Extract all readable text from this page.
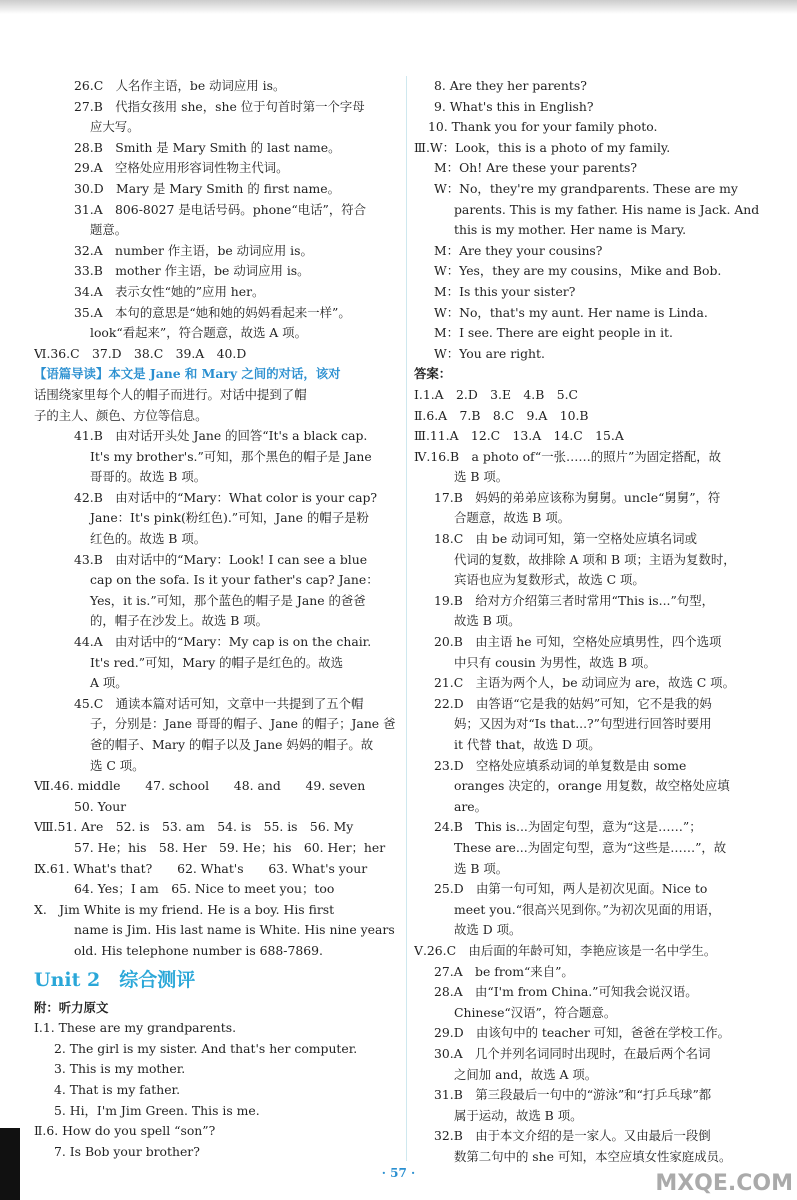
26.C　人名作主语，be 动词应用 is。
27.B　代指女孩用 she，she 位于句首时第一个字母
应大写。
28.B　Smith 是 Mary Smith 的 last name。
29.A　空格处应用形容词性物主代词。
30.D　Mary 是 Mary Smith 的 first name。
31.A　806-8027 是电话号码。phone“电话”，符合
题意。
32.A　number 作主语，be 动词应用 is。
33.B　mother 作主语，be 动词应用 is。
34.A　表示女性“她的”应用 her。
35.A　本句的意思是“她和她的妈妈看起来一样”。
look“看起来”，符合题意，故选 A 项。
Ⅵ.36.C　37.D　38.C　39.A　40.D
【语篇导读】本文是 Jane 和 Mary 之间的对话，该对
话围绕家里每个人的帽子而进行。对话中提到了帽
子的主人、颜色、方位等信息。
41.B　由对话开头处 Jane 的回答“It's a black cap.
It's my brother's.”可知，那个黑色的帽子是 Jane
哥哥的。故选 B 项。
42.B　由对话中的“Mary：What color is your cap?
Jane：It's pink(粉红色).”可知，Jane 的帽子是粉
红色的。故选 B 项。
43.B　由对话中的“Mary：Look! I can see a blue
cap on the sofa. Is it your father's cap? Jane：
Yes，it is.”可知，那个蓝色的帽子是 Jane 的爸爸
的，帽子在沙发上。故选 B 项。
44.A　由对话中的“Mary：My cap is on the chair.
It's red.”可知，Mary 的帽子是红色的。故选
A 项。
45.C　通读本篇对话可知，文章中一共提到了五个帽
子，分别是：Jane 哥哥的帽子、Jane 的帽子；Jane 爸
爸的帽子、Mary 的帽子以及 Jane 妈妈的帽子。故
选 C 项。
Ⅶ.46. middle　　47. school　　48. and　　49. seven
50. Your
Ⅷ.51. Are　52. is　53. am　54. is　55. is　56. My
57. He；his　58. Her　59. He；his　60. Her；her
Ⅸ.61. What's that?　　62. What's　　63. What's your
64. Yes；I am　65. Nice to meet you；too
Ⅹ.　Jim White is my friend. He is a boy. His first
name is Jim. His last name is White. His nine years
old. His telephone number is 688-7869.
Unit 2　综合测评
附：听力原文
Ⅰ.1. These are my grandparents.
2. The girl is my sister. And that's her computer.
3. This is my mother.
4. That is my father.
5. Hi，I'm Jim Green. This is me.
Ⅱ.6. How do you spell “son”?
7. Is Bob your brother?
8. Are they her parents?
9. What's this in English?
10. Thank you for your family photo.
Ⅲ.W：Look，this is a photo of my family.
M：Oh! Are these your parents?
W：No，they're my grandparents. These are my
parents. This is my father. His name is Jack. And
this is my mother. Her name is Mary.
M：Are they your cousins?
W：Yes，they are my cousins，Mike and Bob.
M：Is this your sister?
W：No，that's my aunt. Her name is Linda.
M：I see. There are eight people in it.
W：You are right.
答案：
Ⅰ.1.A　2.D　3.E　4.B　5.C
Ⅱ.6.A　7.B　8.C　9.A　10.B
Ⅲ.11.A　12.C　13.A　14.C　15.A
Ⅳ.16.B　a photo of“一张……的照片”为固定搭配，故
选 B 项。
17.B　妈妈的弟弟应该称为舅舅。uncle“舅舅”，符
合题意，故选 B 项。
18.C　由 be 动词可知，第一空格处应填名词或
代词的复数，故排除 A 项和 B 项；主语为复数时，
宾语也应为复数形式，故选 C 项。
19.B　给对方介绍第三者时常用“This is...”句型，
故选 B 项。
20.B　由主语 he 可知，空格处应填男性，四个选项
中只有 cousin 为男性，故选 B 项。
21.C　主语为两个人，be 动词应为 are，故选 C 项。
22.D　由答语“它是我的姑妈”可知，它不是我的妈
妈；又因为对“Is that...?”句型进行回答时要用
it 代替 that，故选 D 项。
23.D　空格处应填系动词的单复数是由 some
oranges 决定的，orange 用复数，故空格处应填
are。
24.B　This is...为固定句型，意为“这是……”；
These are...为固定句型，意为“这些是……”，故
选 B 项。
25.D　由第一句可知，两人是初次见面。Nice to
meet you.“很高兴见到你。”为初次见面的用语，
故选 D 项。
Ⅴ.26.C　由后面的年龄可知，李艳应该是一名中学生。
27.A　be from“来自”。
28.A　由“I'm from China.”可知我会说汉语。
Chinese“汉语”，符合题意。
29.D　由该句中的 teacher 可知，爸爸在学校工作。
30.A　几个并列名词同时出现时，在最后两个名词
之间加 and，故选 A 项。
31.B　第三段最后一句中的“游泳”和“打乒乓球”都
属于运动，故选 B 项。
32.B　由于本文介绍的是一家人。又由最后一段倒
数第二句中的 she 可知，本空应填女性家庭成员。
· 57 ·	MXQE.COM
